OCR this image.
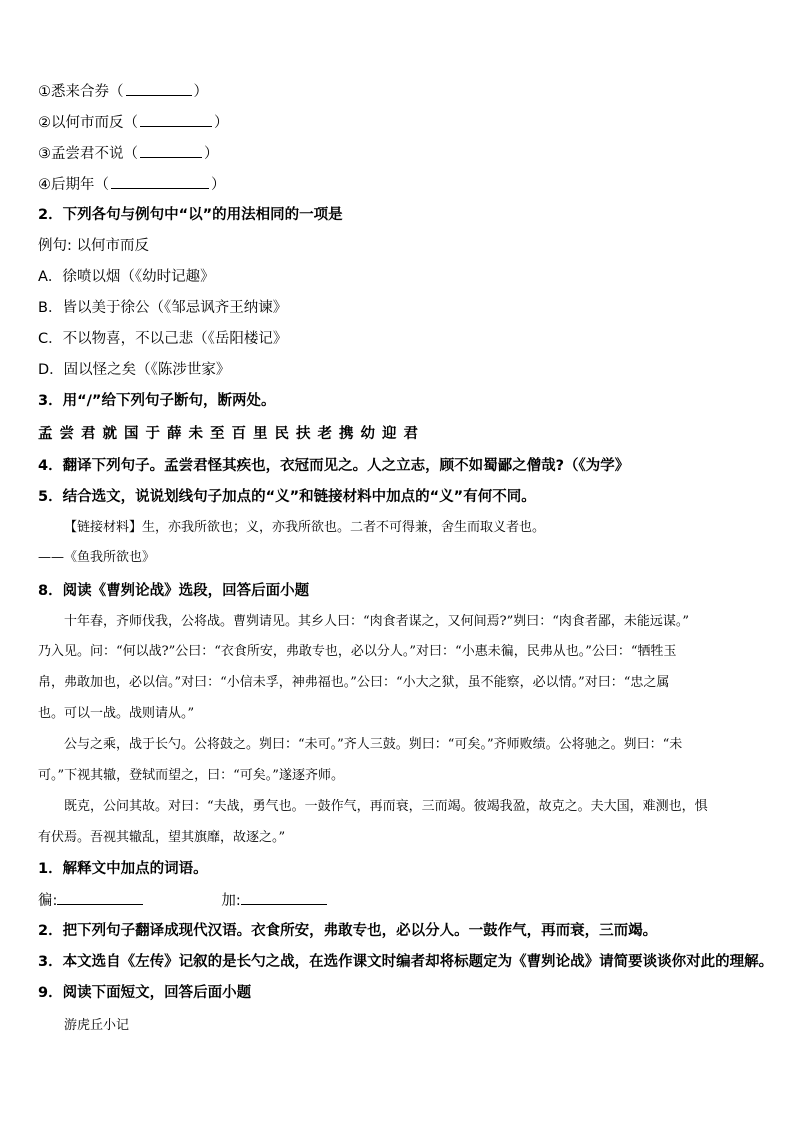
①悉来合券（	）
②以何市而反（	）
③孟尝君不说（	）
④后期年（	）
2．下列各句与例句中“以”的用法相同的一项是
例句: 以何市而反
A．徐喷以烟（《幼时记趣》
B．皆以美于徐公（《邹忌讽齐王纳谏》
C．不以物喜，不以己悲（《岳阳楼记》
D．固以怪之矣（《陈涉世家》
3．用“/”给下列句子断句，断两处。
孟尝君就国于薛未至百里民扶老携幼迎君
4．翻译下列句子。孟尝君怪其疾也，衣冠而见之。人之立志，顾不如蜀鄙之僧哉?（《为学》
5．结合选文，说说划线句子加点的“义”和链接材料中加点的“义”有何不同。
【链接材料】生，亦我所欲也；义，亦我所欲也。二者不可得兼，舍生而取义者也。
——《鱼我所欲也》
8．阅读《曹刿论战》选段，回答后面小题
十年春，齐师伐我，公将战。曹刿请见。其乡人曰：“肉食者谋之，又何间焉?”刿曰：“肉食者鄙，未能远谋。”
乃入见。问：“何以战?”公曰：“衣食所安，弗敢专也，必以分人。”对曰：“小惠未徧，民弗从也。”公曰：“牺牲玉
帛，弗敢加也，必以信。”对曰：“小信未孚，神弗福也。”公曰：“小大之狱，虽不能察，必以情。”对曰：“忠之属
也。可以一战。战则请从。”
公与之乘，战于长勺。公将鼓之。刿曰：“未可。”齐人三鼓。刿曰：“可矣。”齐师败绩。公将驰之。刿曰：“未
可。”下视其辙，登轼而望之，曰：“可矣。”遂逐齐师。
既克，公问其故。对曰：“夫战，勇气也。一鼓作气，再而衰，三而竭。彼竭我盈，故克之。夫大国，难测也，惧
有伏焉。吾视其辙乱，望其旗靡，故逐之。”
1．解释文中加点的词语。
徧:	加:
2．把下列句子翻译成现代汉语。衣食所安，弗敢专也，必以分人。一鼓作气，再而衰，三而竭。
3．本文选自《左传》记叙的是长勺之战，在选作课文时编者却将标题定为《曹刿论战》请简要谈谈你对此的理解。
9．阅读下面短文，回答后面小题
游虎丘小记
